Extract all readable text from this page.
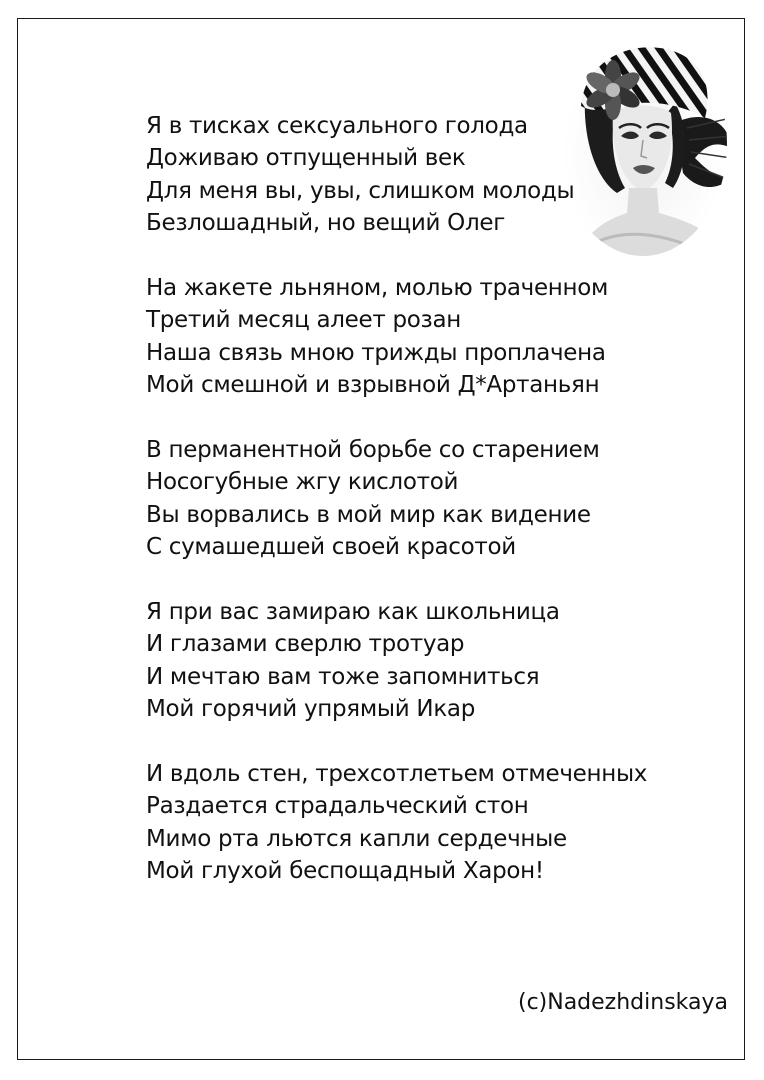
Я в тисках сексуального голода
Доживаю отпущенный век
Для меня вы, увы, слишком молоды
Безлошадный, но вещий Олег
На жакете льняном, молью траченном
Третий месяц алеет розан
Наша связь мною трижды проплачена
Мой смешной и взрывной Д*Артаньян
В перманентной борьбе со старением
Носогубные жгу кислотой
Вы ворвались в мой мир как видение
С сумашедшей своей красотой
Я при вас замираю как школьница
И глазами сверлю тротуар
И мечтаю вам тоже запомниться
Мой горячий упрямый Икар
И вдоль стен, трехсотлетьем отмеченных
Раздается страдальческий стон
Мимо рта льются капли сердечные
Мой глухой беспощадный Харон!
(c)Nadezhdinskaya
